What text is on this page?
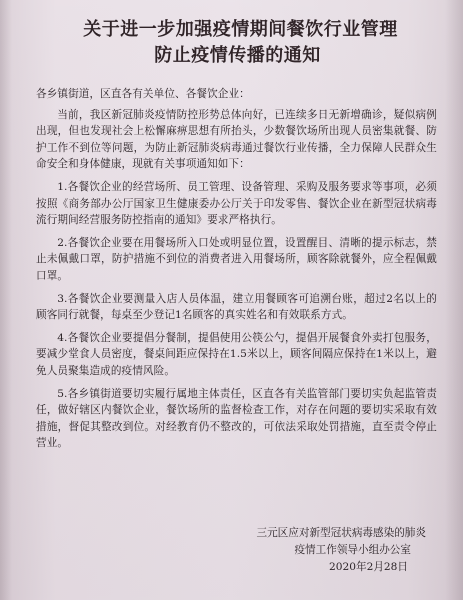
关于进一步加强疫情期间餐饮行业管理
防止疫情传播的通知

各乡镇街道，区直各有关单位、各餐饮企业：

当前，我区新冠肺炎疫情防控形势总体向好，已连续多日无新增确诊，疑似病例出现，但也发现社会上松懈麻痹思想有所抬头，少数餐饮场所出现人员密集就餐、防护工作不到位等问题，为防止新冠肺炎病毒通过餐饮行业传播，全力保障人民群众生命安全和身体健康，现就有关事项通知如下：

1.各餐饮企业的经营场所、员工管理、设备管理、采购及服务要求等事项，必须按照《商务部办公厅国家卫生健康委办公厅关于印发零售、餐饮企业在新型冠状病毒流行期间经营服务防控指南的通知》要求严格执行。

2.各餐饮企业要在用餐场所入口处或明显位置，设置醒目、清晰的提示标志，禁止未佩戴口罩，防护措施不到位的消费者进入用餐场所，顾客除就餐外，应全程佩戴口罩。

3.各餐饮企业要测量入店人员体温，建立用餐顾客可追溯台账，超过2名以上的顾客同行就餐，每桌至少登记1名顾客的真实姓名和有效联系方式。

4.各餐饮企业要提倡分餐制，提倡使用公筷公勺，提倡开展餐食外卖打包服务，要减少堂食人员密度，餐桌间距应保持在1.5米以上，顾客间隔应保持在1米以上，避免人员聚集造成的疫情风险。

5.各乡镇街道要切实履行属地主体责任，区直各有关监管部门要切实负起监管责任，做好辖区内餐饮企业，餐饮场所的监督检查工作，对存在问题的要切实采取有效措施，督促其整改到位。对经教育仍不整改的，可依法采取处罚措施，直至责令停止营业。

三元区应对新型冠状病毒感染的肺炎
疫情工作领导小组办公室
2020年2月28日
